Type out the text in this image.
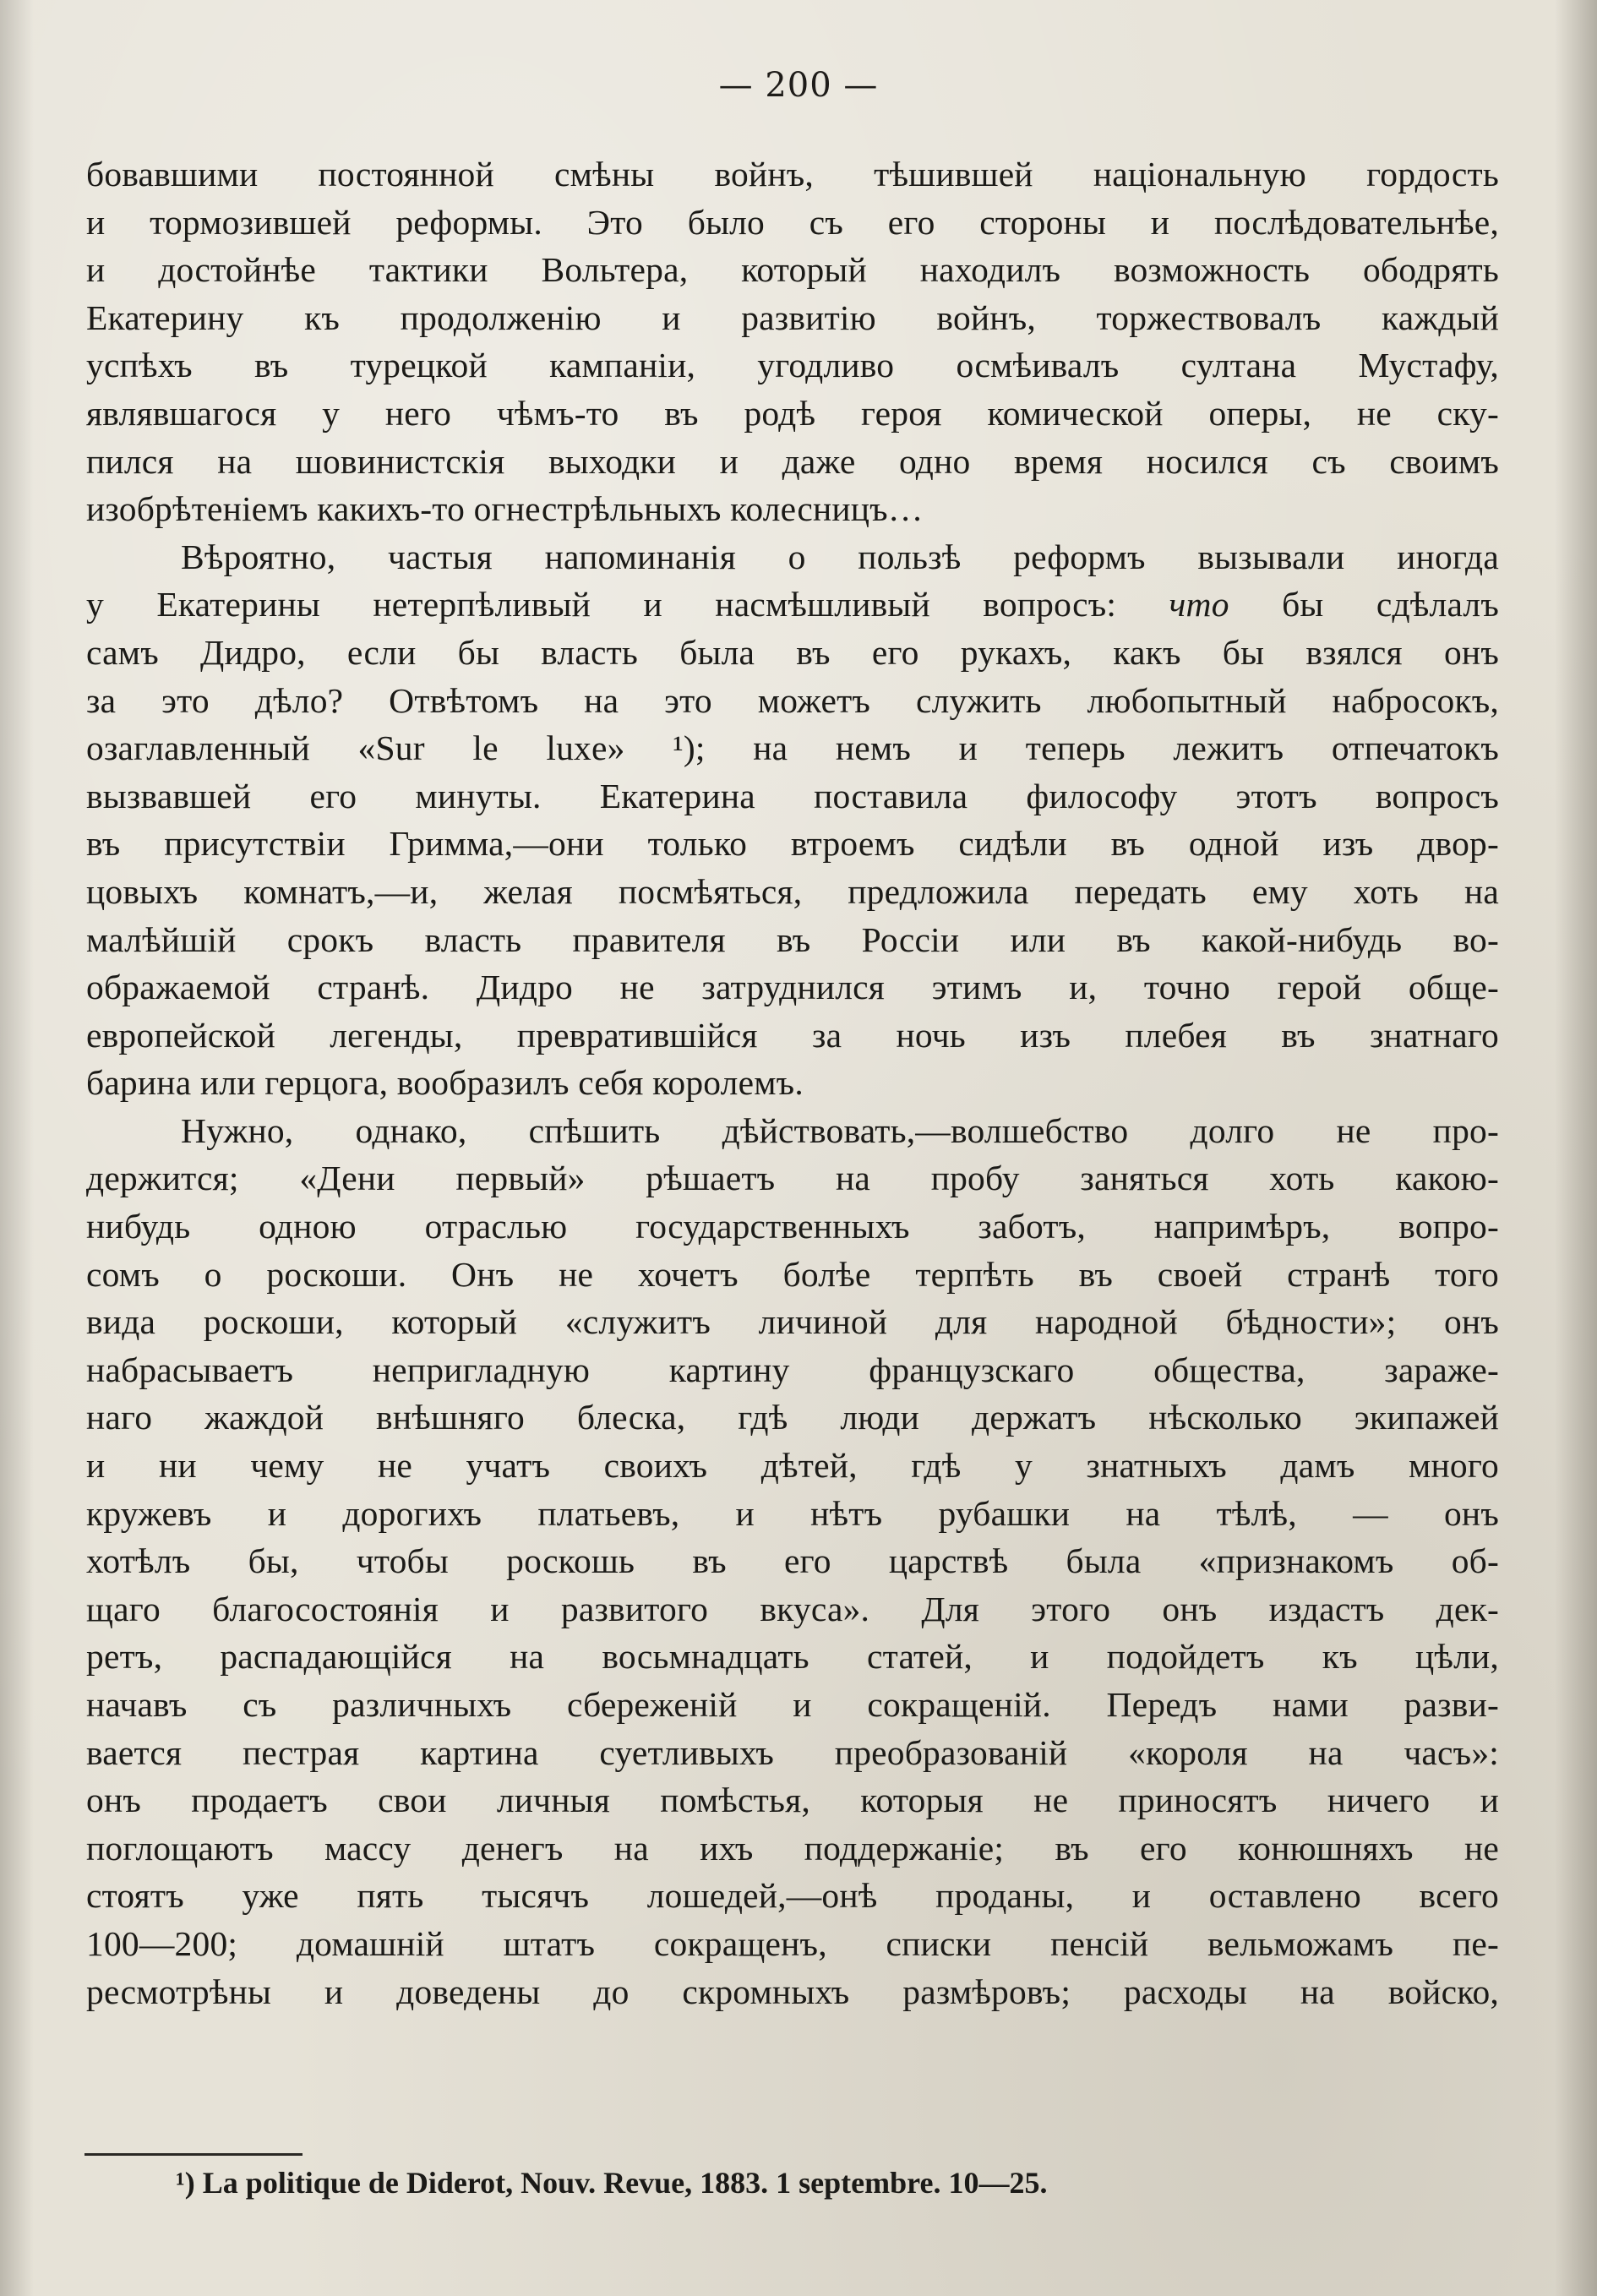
— 200 —
бовавшими постоянной смѣны войнъ, тѣшившей національную гордость
и тормозившей реформы. Это было съ его стороны и послѣдовательнѣе,
и достойнѣе тактики Вольтера, который находилъ возможность ободрять
Екатерину къ продолженію и развитію войнъ, торжествовалъ каждый
успѣхъ въ турецкой кампаніи, угодливо осмѣивалъ султана Мустафу,
являвшагося у него чѣмъ-то въ родѣ героя комической оперы, не ску-
пился на шовинистскія выходки и даже одно время носился съ своимъ
изобрѣтеніемъ какихъ-то огнестрѣльныхъ колесницъ…
Вѣроятно, частыя напоминанія о пользѣ реформъ вызывали иногда
у Екатерины нетерпѣливый и насмѣшливый вопросъ: что бы сдѣлалъ
самъ Дидро, если бы власть была въ его рукахъ, какъ бы взялся онъ
за это дѣло? Отвѣтомъ на это можетъ служить любопытный набросокъ,
озаглавленный «Sur le luxe» ¹); на немъ и теперь лежитъ отпечатокъ
вызвавшей его минуты. Екатерина поставила философу этотъ вопросъ
въ присутствіи Гримма,—они только втроемъ сидѣли въ одной изъ двор-
цовыхъ комнатъ,—и, желая посмѣяться, предложила передать ему хоть на
малѣйшій срокъ власть правителя въ Россіи или въ какой-нибудь во-
ображаемой странѣ. Дидро не затруднился этимъ и, точно герой обще-
европейской легенды, превратившійся за ночь изъ плебея въ знатнаго
барина или герцога, вообразилъ себя королемъ.
Нужно, однако, спѣшить дѣйствовать,—волшебство долго не про-
держится; «Дени первый» рѣшаетъ на пробу заняться хоть какою-
нибудь одною отраслью государственныхъ заботъ, напримѣръ, вопро-
сомъ о роскоши. Онъ не хочетъ болѣе терпѣть въ своей странѣ того
вида роскоши, который «служитъ личиной для народной бѣдности»; онъ
набрасываетъ непригладную картину французскаго общества, зараже-
наго жаждой внѣшняго блеска, гдѣ люди держатъ нѣсколько экипажей
и ни чему не учатъ своихъ дѣтей, гдѣ у знатныхъ дамъ много
кружевъ и дорогихъ платьевъ, и нѣтъ рубашки на тѣлѣ, — онъ
хотѣлъ бы, чтобы роскошь въ его царствѣ была «признакомъ об-
щаго благосостоянія и развитого вкуса». Для этого онъ издастъ дек-
ретъ, распадающійся на восьмнадцать статей, и подойдетъ къ цѣли,
начавъ съ различныхъ сбереженій и сокращеній. Передъ нами разви-
вается пестрая картина суетливыхъ преобразованій «короля на часъ»:
онъ продаетъ свои личныя помѣстья, которыя не приносятъ ничего и
поглощаютъ массу денегъ на ихъ поддержаніе; въ его конюшняхъ не
стоятъ уже пять тысячъ лошедей,—онѣ проданы, и оставлено всего
100—200; домашній штатъ сокращенъ, списки пенсій вельможамъ пе-
ресмотрѣны и доведены до скромныхъ размѣровъ; расходы на войско,
¹) La politique de Diderot, Nouv. Revue, 1883. 1 septembre. 10—25.
